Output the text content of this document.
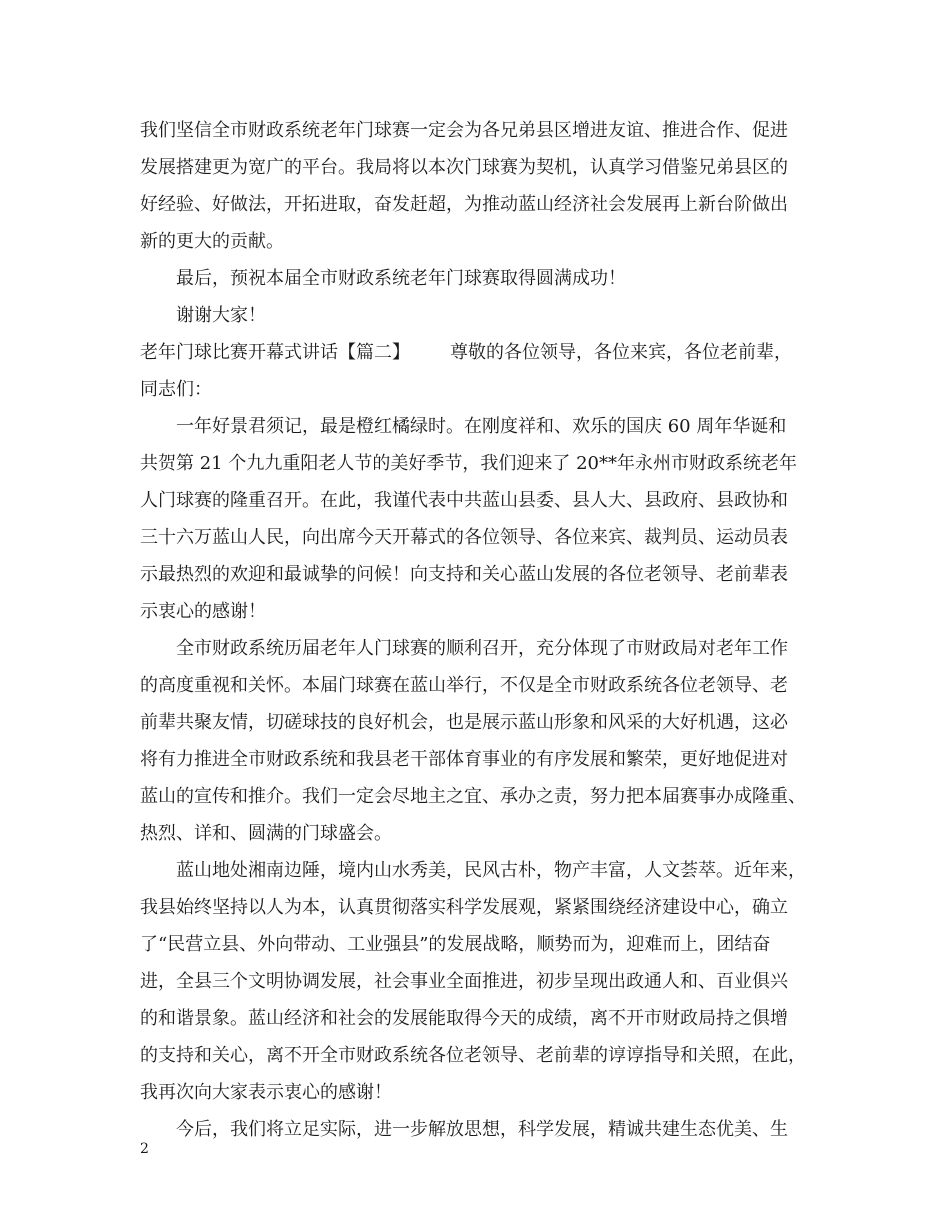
我们坚信全市财政系统老年门球赛一定会为各兄弟县区增进友谊、推进合作、促进
发展搭建更为宽广的平台。我局将以本次门球赛为契机，认真学习借鉴兄弟县区的
好经验、好做法，开拓进取，奋发赶超，为推动蓝山经济社会发展再上新台阶做出
新的更大的贡献。
最后，预祝本届全市财政系统老年门球赛取得圆满成功！
谢谢大家！
老年门球比赛开幕式讲话【篇二】 尊敬的各位领导，各位来宾，各位老前辈，
同志们：
一年好景君须记，最是橙红橘绿时。在刚度祥和、欢乐的国庆 60 周年华诞和
共贺第 21 个九九重阳老人节的美好季节，我们迎来了 20**年永州市财政系统老年
人门球赛的隆重召开。在此，我谨代表中共蓝山县委、县人大、县政府、县政协和
三十六万蓝山人民，向出席今天开幕式的各位领导、各位来宾、裁判员、运动员表
示最热烈的欢迎和最诚挚的问候！向支持和关心蓝山发展的各位老领导、老前辈表
示衷心的感谢！
全市财政系统历届老年人门球赛的顺利召开，充分体现了市财政局对老年工作
的高度重视和关怀。本届门球赛在蓝山举行，不仅是全市财政系统各位老领导、老
前辈共聚友情，切磋球技的良好机会，也是展示蓝山形象和风采的大好机遇，这必
将有力推进全市财政系统和我县老干部体育事业的有序发展和繁荣，更好地促进对
蓝山的宣传和推介。我们一定会尽地主之宜、承办之责，努力把本届赛事办成隆重、
热烈、详和、圆满的门球盛会。
蓝山地处湘南边陲，境内山水秀美，民风古朴，物产丰富，人文荟萃。近年来，
我县始终坚持以人为本，认真贯彻落实科学发展观，紧紧围绕经济建设中心，确立
了“民营立县、外向带动、工业强县”的发展战略，顺势而为，迎难而上，团结奋
进，全县三个文明协调发展，社会事业全面推进，初步呈现出政通人和、百业俱兴
的和谐景象。蓝山经济和社会的发展能取得今天的成绩，离不开市财政局持之俱增
的支持和关心，离不开全市财政系统各位老领导、老前辈的谆谆指导和关照，在此，
我再次向大家表示衷心的感谢！
今后，我们将立足实际，进一步解放思想，科学发展，精诚共建生态优美、生
2
